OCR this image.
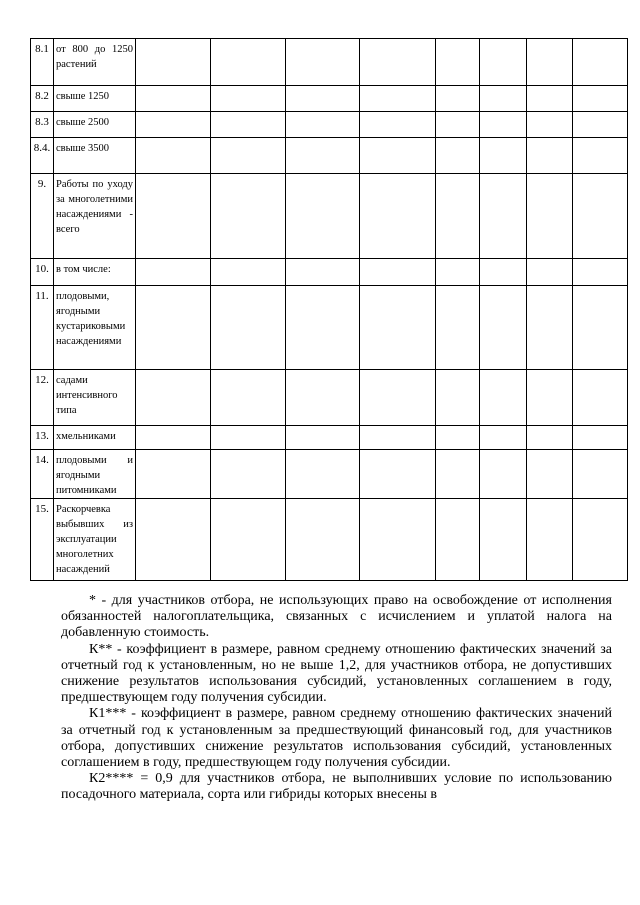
8.1	от 800 до 1250 растений								
8.2	свыше 1250								
8.3	свыше 2500								
8.4.	свыше 3500								
9.	Работы по уходу за многолетними насаждениями - всего								
10.	в том числе:								
11.	плодовыми, ягодными кустариковыми насаждениями								
12.	садами интенсивного типа								
13.	хмельниками								
14.	плодовыми и ягодными питомниками								
15.	Раскорчевка выбывших из эксплуатации многолетних насаждений								

* - для участников отбора, не использующих право на освобождение от исполнения обязанностей налогоплательщика, связанных с исчислением и уплатой налога на добавленную стоимость.

К** - коэффициент в размере, равном среднему отношению фактических значений за отчетный год к установленным, но не выше 1,2, для участников отбора, не допустивших снижение результатов использования субсидий, установленных соглашением в году, предшествующем году получения субсидии.

К1*** - коэффициент в размере, равном среднему отношению фактических значений за отчетный год к установленным за предшествующий финансовый год, для участников отбора, допустивших снижение результатов использования субсидий, установленных соглашением в году, предшествующем году получения субсидии.

К2**** = 0,9 для участников отбора, не выполнивших условие по использованию посадочного материала, сорта или гибриды которых внесены в
